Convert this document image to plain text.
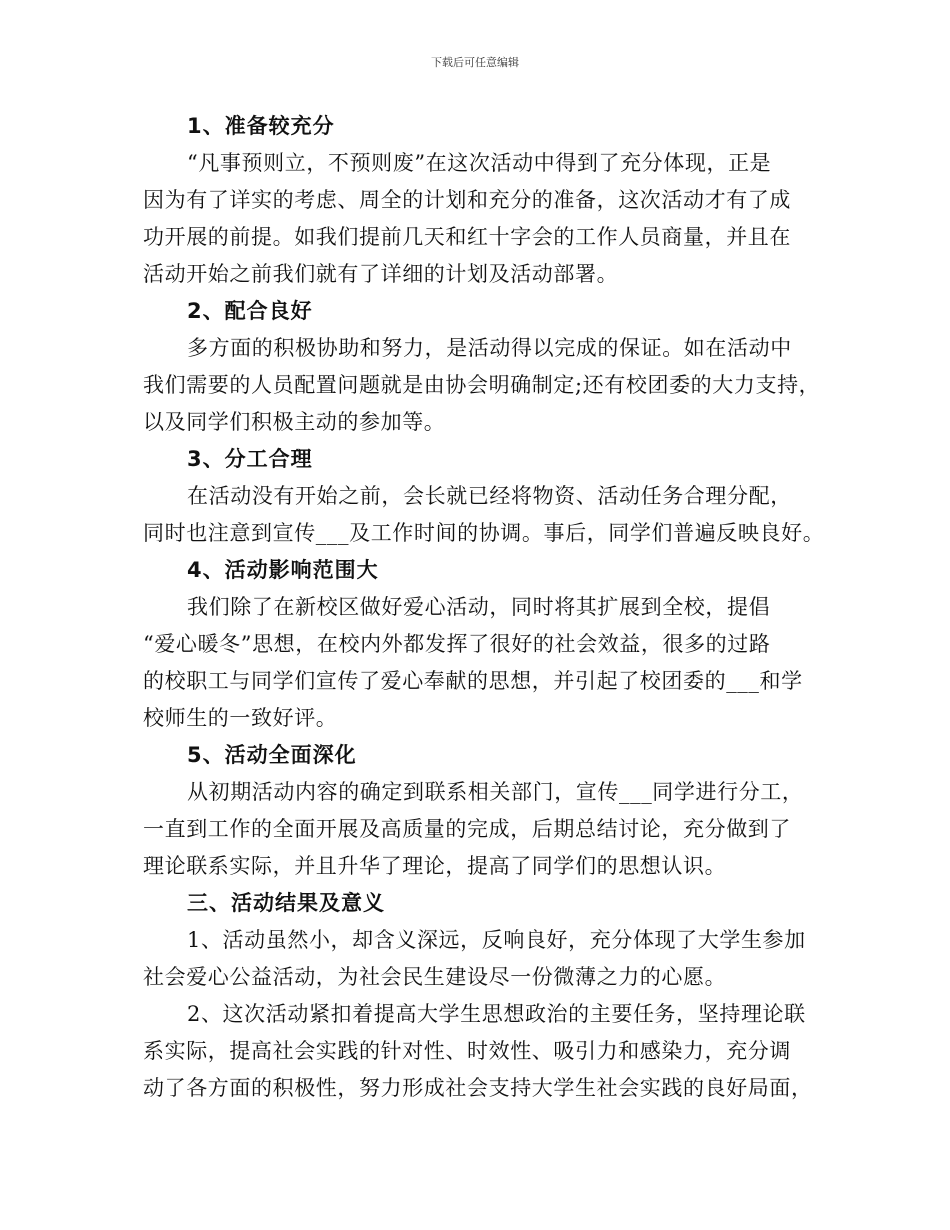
下载后可任意编辑
1、准备较充分
“凡事预则立，不预则废”在这次活动中得到了充分体现，正是
因为有了详实的考虑、周全的计划和充分的准备，这次活动才有了成
功开展的前提。如我们提前几天和红十字会的工作人员商量，并且在
活动开始之前我们就有了详细的计划及活动部署。
2、配合良好
多方面的积极协助和努力，是活动得以完成的保证。如在活动中
我们需要的人员配置问题就是由协会明确制定;还有校团委的大力支持，
以及同学们积极主动的参加等。
3、分工合理
在活动没有开始之前，会长就已经将物资、活动任务合理分配，
同时也注意到宣传___及工作时间的协调。事后，同学们普遍反映良好。
4、活动影响范围大
我们除了在新校区做好爱心活动，同时将其扩展到全校，提倡
“爱心暖冬”思想，在校内外都发挥了很好的社会效益，很多的过路
的校职工与同学们宣传了爱心奉献的思想，并引起了校团委的___和学
校师生的一致好评。
5、活动全面深化
从初期活动内容的确定到联系相关部门，宣传___同学进行分工，
一直到工作的全面开展及高质量的完成，后期总结讨论，充分做到了
理论联系实际，并且升华了理论，提高了同学们的思想认识。
三、活动结果及意义
1、活动虽然小，却含义深远，反响良好，充分体现了大学生参加
社会爱心公益活动，为社会民生建设尽一份微薄之力的心愿。
2、这次活动紧扣着提高大学生思想政治的主要任务，坚持理论联
系实际，提高社会实践的针对性、时效性、吸引力和感染力，充分调
动了各方面的积极性，努力形成社会支持大学生社会实践的良好局面，
